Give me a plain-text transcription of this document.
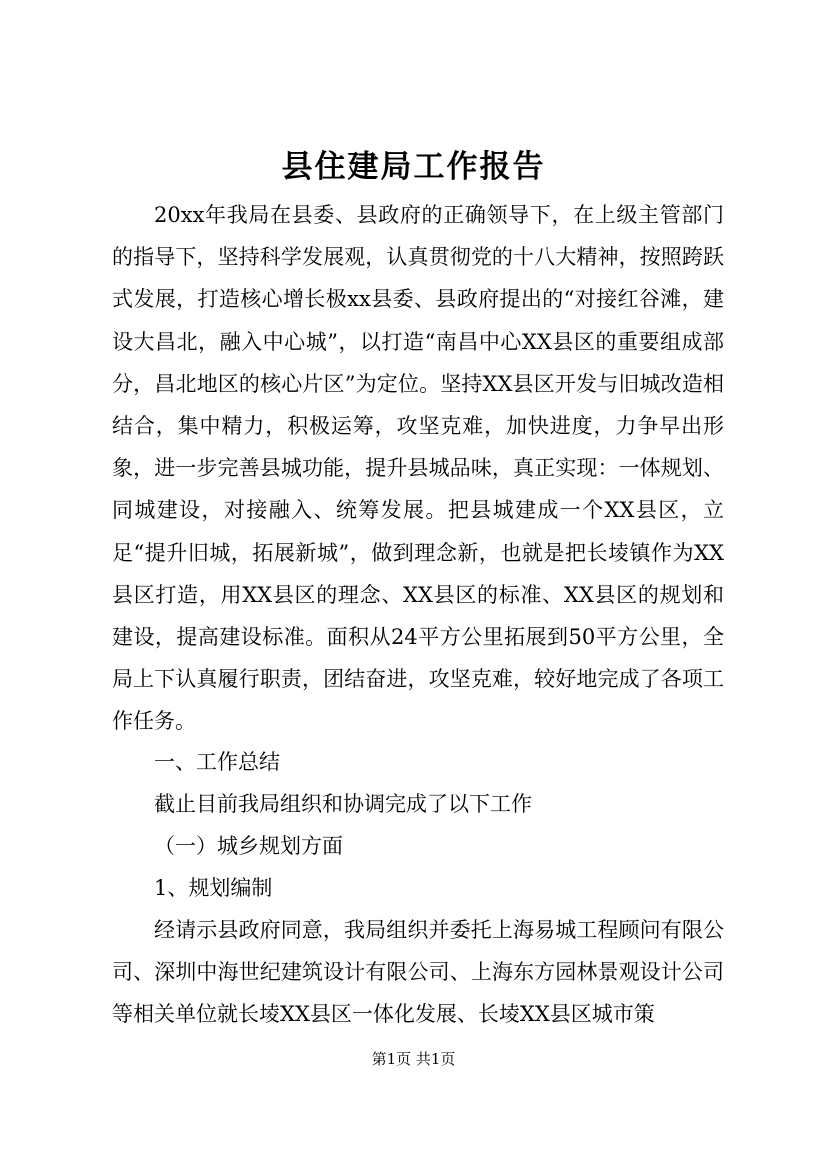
县住建局工作报告

20xx年我局在县委、县政府的正确领导下，在上级主管部门的指导下，坚持科学发展观，认真贯彻党的十八大精神，按照跨跃式发展，打造核心增长极xx县委、县政府提出的“对接红谷滩，建设大昌北，融入中心城”，以打造“南昌中心XX县区的重要组成部分，昌北地区的核心片区”为定位。坚持XX县区开发与旧城改造相结合，集中精力，积极运筹，攻坚克难，加快进度，力争早出形象，进一步完善县城功能，提升县城品味，真正实现：一体规划、同城建设，对接融入、统筹发展。把县城建成一个XX县区，立足“提升旧城，拓展新城”，做到理念新，也就是把长堎镇作为XX县区打造，用XX县区的理念、XX县区的标准、XX县区的规划和建设，提高建设标准。面积从24平方公里拓展到50平方公里，全局上下认真履行职责，团结奋进，攻坚克难，较好地完成了各项工作任务。

一、工作总结

截止目前我局组织和协调完成了以下工作

（一）城乡规划方面

1、规划编制

经请示县政府同意，我局组织并委托上海易城工程顾问有限公司、深圳中海世纪建筑设计有限公司、上海东方园林景观设计公司等相关单位就长堎XX县区一体化发展、长堎XX县区城市策

第1页 共1页
